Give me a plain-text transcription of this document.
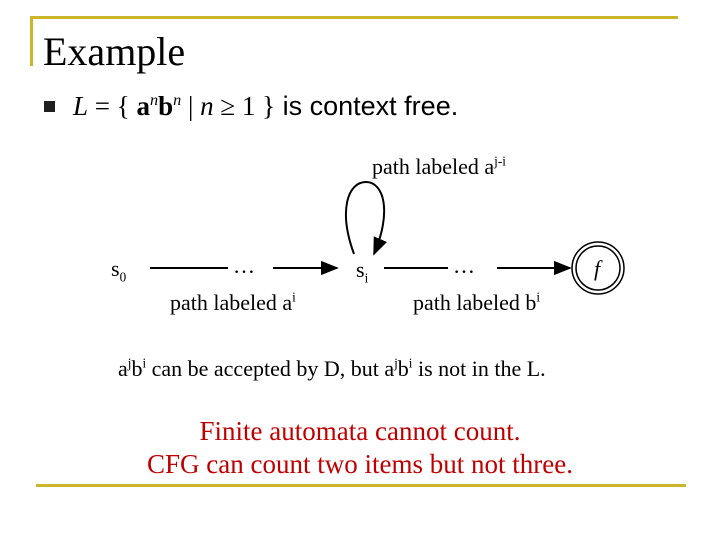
Example
L = { $a^nb^n$ | n ≥ 1 } is context free.
$s_0$	…	$s_i$	…	f
path labeled $a^{j-i}$
path labeled $a^i$	path labeled $b^i$
$a^jb^i$ can be accepted by D, but $a^jb^i$ is not in the L.
Finite automata cannot count.
CFG can count two items but not three.
